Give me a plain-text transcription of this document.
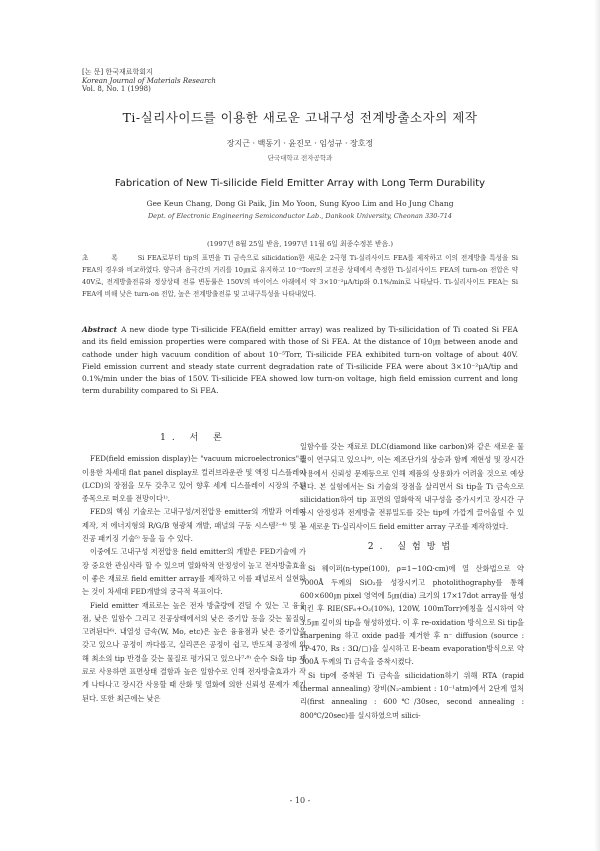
[논 문] 한국재료학회지
Korean Journal of Materials Research
Vol. 8, No. 1 (1998)
Ti-실리사이드를 이용한 새로운 고내구성 전계방출소자의 제작
장지근 · 백동기 · 윤진모 · 임성규 · 장호정
단국대학교 전자공학과
Fabrication of New Ti-silicide Field Emitter Array with Long Term Durability
Gee Keun Chang, Dong Gi Paik, Jin Mo Yoon, Sung Kyoo Lim and Ho Jung Chang
Dept. of Electronic Engineering Semiconductor Lab., Dankook University, Cheonan 330-714
(1997년 8월 25일 받음, 1997년 11월 6일 최종수정본 받음.)
초 록 Si FEA로부터 tip의 표면을 Ti 금속으로 silicidation한 새로운 2극형 Ti-실리사이드 FEA를 제작하고 이의 전계방출 특성을 Si FEA의 경우와 비교하였다. 양극과 음극간의 거리를 10㎛로 유지하고 10⁻⁵Torr의 고진공 상태에서 측정한 Ti-실리사이드 FEA의 turn-on 전압은 약 40V로, 전계방출전류와 정상상태 전류 변동률은 150V의 바이어스 아래에서 약 3×10⁻²μA/tip와 0.1%/min로 나타났다. Ti-실리사이드 FEA는 Si FEA에 비해 낮은 turn-on 전압, 높은 전계방출전류 및 고내구특성을 나타내었다.
Abstract A new diode type Ti-silicide FEA(field emitter array) was realized by Ti-silicidation of Ti coated Si FEA and its field emission properties were compared with those of Si FEA. At the distance of 10㎛ between anode and cathode under high vacuum condition of about 10⁻⁵Torr, Ti-silicide FEA exhibited turn-on voltage of about 40V. Field emission current and steady state current degradation rate of Ti-silicide FEA were about 3×10⁻²μA/tip and 0.1%/min under the bias of 150V. Ti-silicide FEA showed low turn-on voltage, high field emission current and long term durability compared to Si FEA.
1. 서 론

FED(field emission display)는 "vacuum microelectronics"를 이용한 차세대 flat panel display로 컬러브라운관 및 액정 디스플레이(LCD)의 장점을 모두 갖추고 있어 향후 세계 디스플레이 시장의 주된 종목으로 떠오를 전망이다¹⁾.

FED의 핵심 기술로는 고내구성/저전압용 emitter의 개발과 어레이 제작, 저 에너지형의 R/G/B 형광체 개발, 패널의 구동 시스템²⁻⁴⁾ 및 고진공 패키징 기술⁵⁾ 등을 들 수 있다.

이중에도 고내구성 저전압용 field emitter의 개발은 FED기술에 가장 중요한 관심사라 할 수 있으며 열화학적 안정성이 높고 전자방출효율이 좋은 재료로 field emitter array를 제작하고 이를 패널로서 실현하는 것이 차세대 FED개발의 궁극적 목표이다.

Field emitter 재료로는 높은 전자 방출량에 견딜 수 있는 고 융융점, 낮은 일함수 그리고 진공상태에서의 낮은 증기압 등을 갖는 물질이 고려된다⁶⁾. 내열성 금속(W, Mo, etc)은 높은 융융점과 낮은 증기압을 갖고 있으나 공정이 까다롭고, 실리콘은 공정이 쉽고, 반도체 공정에 의해 최소의 tip 반경을 갖는 물질로 평가되고 있으나⁷·⁸⁾ 순수 Si을 tip 재료로 사용하면 표면상태 결함과 높은 일함수로 인해 전자방출효과가 작게 나타나고 장시간 사용할 때 산화 및 열화에 의한 신뢰성 문제가 제기된다. 또한 최근에는 낮은

일함수를 갖는 재료로 DLC(diamond like carbon)와 같은 새로운 물질이 연구되고 있으나⁹⁾, 이는 제조단가의 상승과 함께 재현성 및 장시간 사용에서 신뢰성 문제등으로 인해 제품의 상용화가 어려울 것으로 예상된다. 본 실험에서는 Si 기술의 장점을 살리면서 Si tip을 Ti 금속으로 silicidation하여 tip 표면의 열화학적 내구성을 증가시키고 장시간 구동시 안정성과 전계방출 전류밀도를 갖는 tip에 가깝게 끌어올릴 수 있는 새로운 Ti-실리사이드 field emitter array 구조를 제작하였다.

2. 실험방법

Si 웨이퍼(n-type(100), ρ=1~10Ω·cm)에 열 산화법으로 약 7000Å 두께의 SiO₂를 성장시키고 photolithography를 통해 600×600㎛ pixel 영역에 5㎛(dia) 크기의 17×17dot array를 형성시킨 후 RIE(SF₆+O₂(10%), 120W, 100mTorr)에칭을 실시하여 약 3.5㎛ 깊이의 tip을 형성하였다. 이 후 re-oxidation 방식으로 Si tip을 sharpening 하고 oxide pad를 제거한 후 n⁻ diffusion (source : TP-470, Rs : 3Ω/□)을 실시하고 E-beam evaporation방식으로 약 300Å 두께의 Ti 금속을 증착시켰다.

Si tip에 증착된 Ti 금속을 silicidation하기 위해 RTA (rapid thermal annealing) 장비(N₂-ambient : 10⁻¹atm)에서 2단계 열처리(first annealing : 600℃/30sec, second annealing : 800℃/20sec)를 실시하였으며 silici-

- 10 -
